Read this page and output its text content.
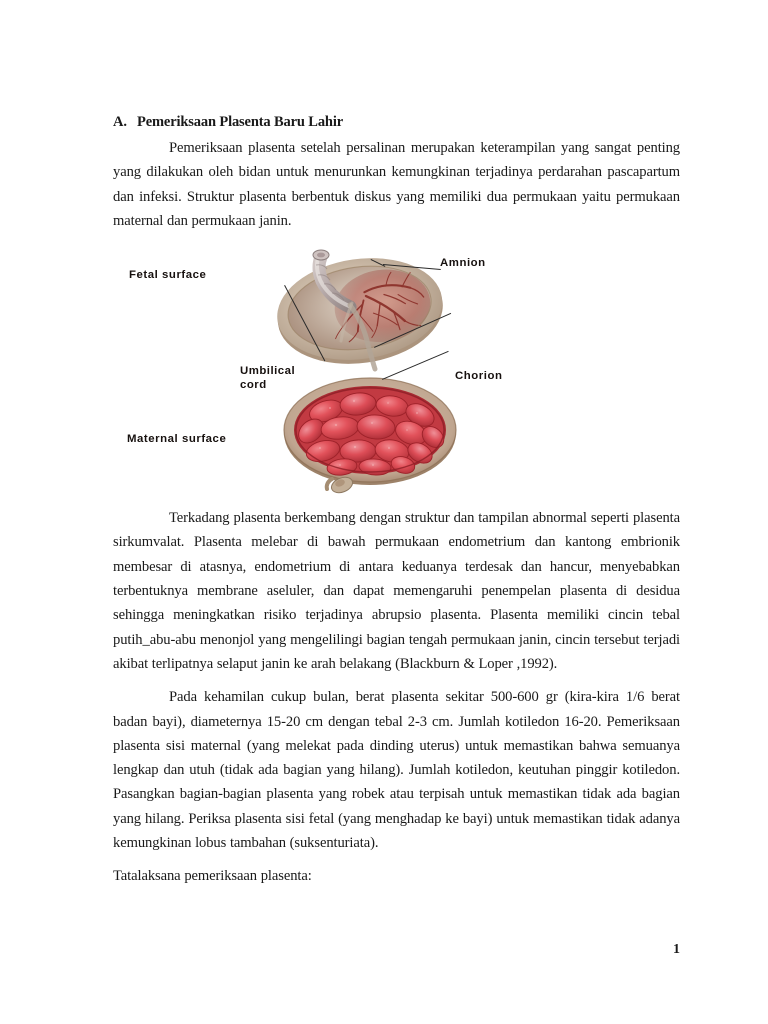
A. Pemeriksaan Plasenta Baru Lahir

Pemeriksaan plasenta setelah persalinan merupakan keterampilan yang sangat penting yang dilakukan oleh bidan untuk menurunkan kemungkinan terjadinya perdarahan pascapartum dan infeksi. Struktur plasenta berbentuk diskus yang memiliki dua permukaan yaitu permukaan maternal dan permukaan janin.

Fetal surface
Amnion
Umbilical
cord
Chorion
Maternal surface

Terkadang plasenta berkembang dengan struktur dan tampilan abnormal seperti plasenta sirkumvalat. Plasenta melebar di bawah permukaan endometrium dan kantong embrionik membesar di atasnya, endometrium di antara keduanya terdesak dan hancur, menyebabkan terbentuknya membrane aseluler, dan dapat memengaruhi penempelan plasenta di desidua sehingga meningkatkan risiko terjadinya abrupsio plasenta. Plasenta memiliki cincin tebal putih_abu-abu menonjol yang mengelilingi bagian tengah permukaan janin, cincin tersebut terjadi akibat terlipatnya selaput janin ke arah belakang (Blackburn & Loper ,1992).

Pada kehamilan cukup bulan, berat plasenta sekitar 500-600 gr (kira-kira 1/6 berat badan bayi), diameternya 15-20 cm dengan tebal 2-3 cm. Jumlah kotiledon 16-20. Pemeriksaan plasenta sisi maternal (yang melekat pada dinding uterus) untuk memastikan bahwa semuanya lengkap dan utuh (tidak ada bagian yang hilang). Jumlah kotiledon, keutuhan pinggir kotiledon. Pasangkan bagian-bagian plasenta yang robek atau terpisah untuk memastikan tidak ada bagian yang hilang. Periksa plasenta sisi fetal (yang menghadap ke bayi) untuk memastikan tidak adanya kemungkinan lobus tambahan (suksenturiata).

Tatalaksana pemeriksaan plasenta:

1
